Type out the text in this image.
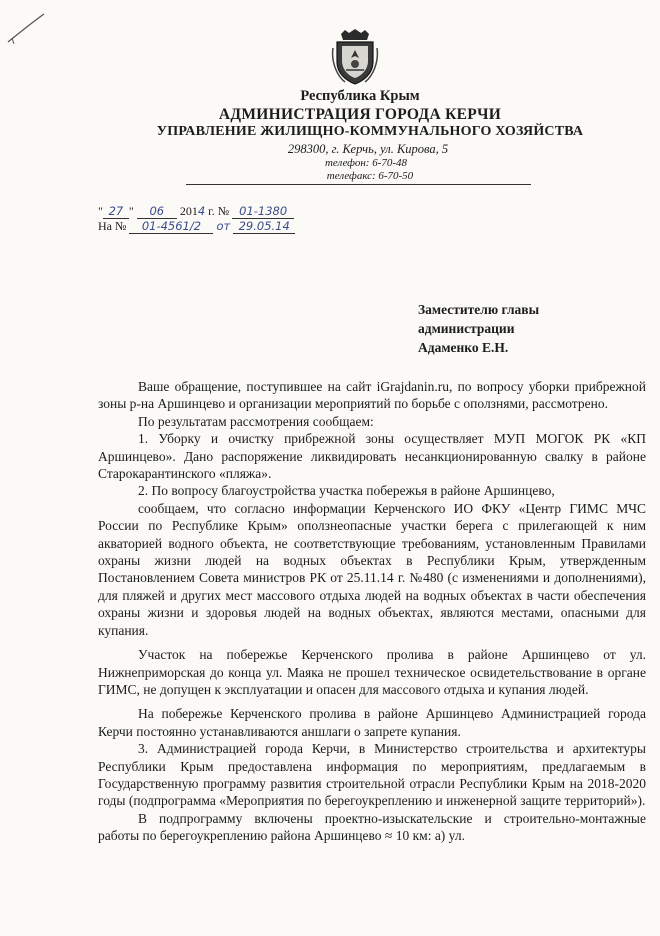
Республика Крым
АДМИНИСТРАЦИЯ ГОРОДА КЕРЧИ
УПРАВЛЕНИЕ ЖИЛИЩНО-КОММУНАЛЬНОГО ХОЗЯЙСТВА
298300, г. Керчь, ул. Кирова, 5
телефон: 6-70-48
телефакс: 6-70-50
" 27 " 06 2014 г. № 01-1380
На № 01-4561/2 от 29.05.14
Заместителю главы
администрации
Адаменко Е.Н.

Ваше обращение, поступившее на сайт iGrajdanin.ru, по вопросу уборки прибрежной зоны р-на Аршинцево и организации мероприятий по борьбе с оползнями, рассмотрено.

По результатам рассмотрения сообщаем:

1. Уборку и очистку прибрежной зоны осуществляет МУП МОГОК РК «КП Аршинцево». Дано распоряжение ликвидировать несанкционированную свалку в районе Старокарантинского «пляжа».

2. По вопросу благоустройства участка побережья в районе Аршинцево,

сообщаем, что согласно информации Керченского ИО ФКУ «Центр ГИМС МЧС России по Республике Крым» оползнеопасные участки берега с прилегающей к ним акваторией водного объекта, не соответствующие требованиям, установленным Правилами охраны жизни людей на водных объектах в Республики Крым, утвержденным Постановлением Совета министров РК от 25.11.14 г. №480 (с изменениями и дополнениями), для пляжей и других мест массового отдыха людей на водных объектах в части обеспечения охраны жизни и здоровья людей на водных объектах, являются местами, опасными для купания.

Участок на побережье Керченского пролива в районе Аршинцево от ул. Нижнеприморская до конца ул. Маяка не прошел техническое освидетельствование в органе ГИМС, не допущен к эксплуатации и опасен для массового отдыха и купания людей.

На побережье Керченского пролива в районе Аршинцево Администрацией города Керчи постоянно устанавливаются аншлаги о запрете купания.

3. Администрацией города Керчи, в Министерство строительства и архитектуры Республики Крым предоставлена информация по мероприятиям, предлагаемым в Государственную программу развития строительной отрасли Республики Крым на 2018-2020 годы (подпрограмма «Мероприятия по берегоукреплению и инженерной защите территорий»).

В подпрограмму включены проектно-изыскательские и строительно-монтажные работы по берегоукреплению района Аршинцево ≈ 10 км: а) ул.
